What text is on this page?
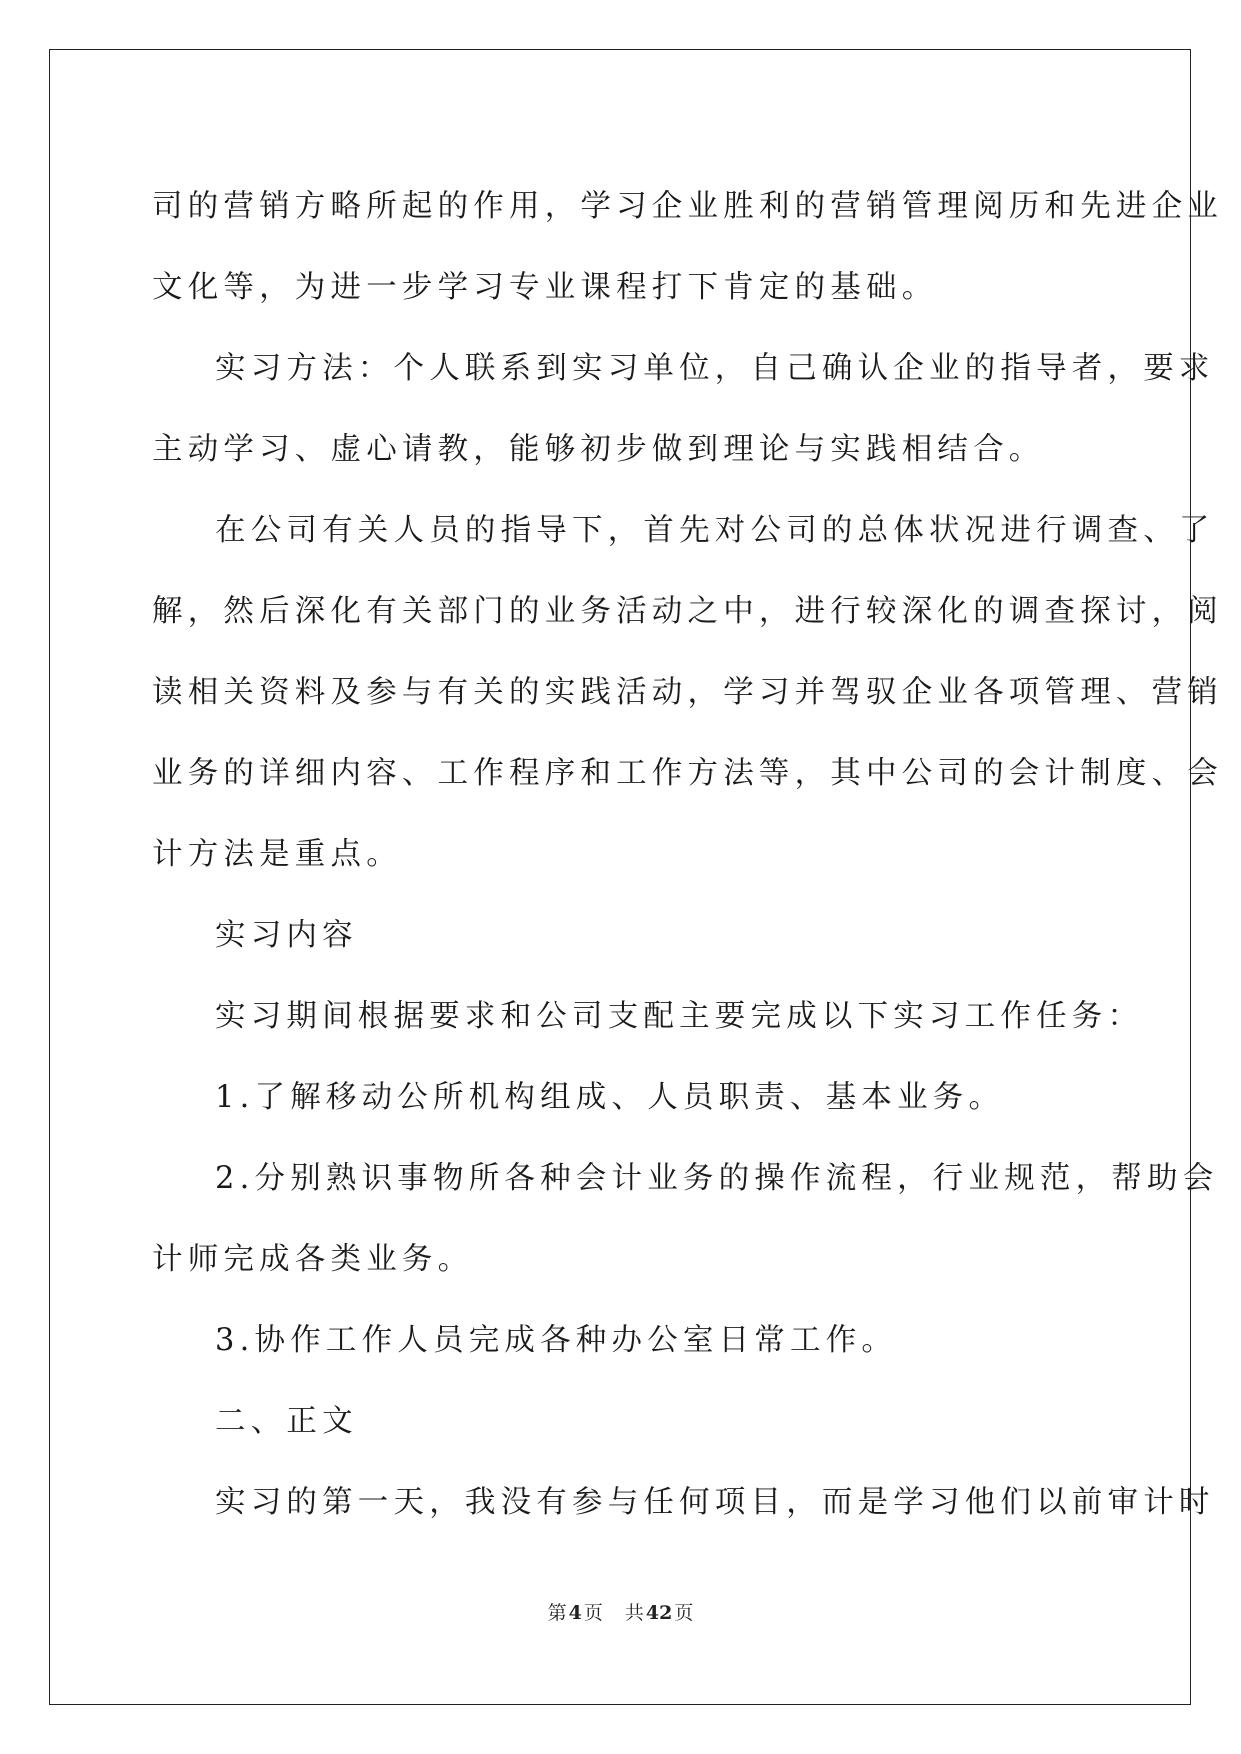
司的营销方略所起的作用，学习企业胜利的营销管理阅历和先进企业
文化等，为进一步学习专业课程打下肯定的基础。
实习方法：个人联系到实习单位，自己确认企业的指导者，要求
主动学习、虚心请教，能够初步做到理论与实践相结合。
在公司有关人员的指导下，首先对公司的总体状况进行调查、了
解，然后深化有关部门的业务活动之中，进行较深化的调查探讨，阅
读相关资料及参与有关的实践活动，学习并驾驭企业各项管理、营销
业务的详细内容、工作程序和工作方法等，其中公司的会计制度、会
计方法是重点。
实习内容
实习期间根据要求和公司支配主要完成以下实习工作任务：
1.了解移动公所机构组成、人员职责、基本业务。
2.分别熟识事物所各种会计业务的操作流程，行业规范，帮助会
计师完成各类业务。
3.协作工作人员完成各种办公室日常工作。
二、正文
实习的第一天，我没有参与任何项目，而是学习他们以前审计时
第 4 页 共 42 页
